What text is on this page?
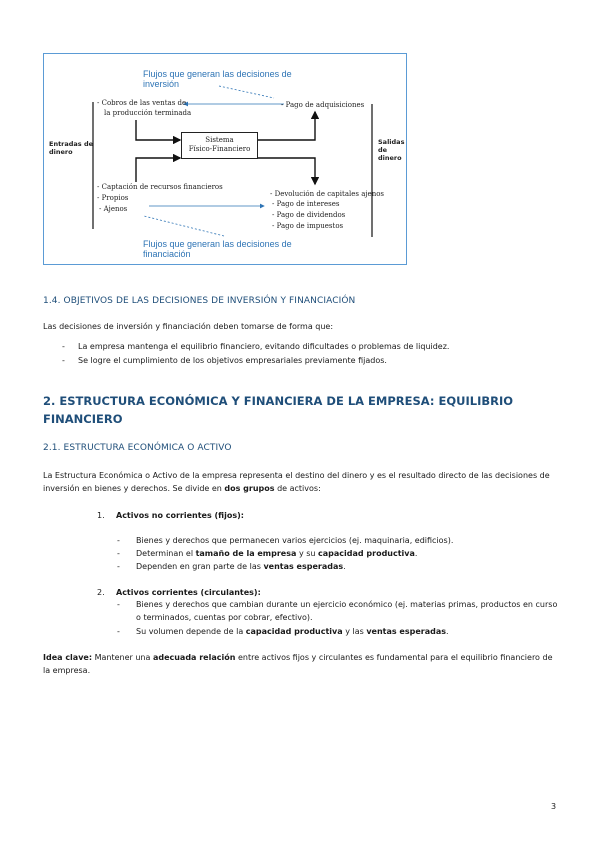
Flujos que generan las decisiones de inversión
Flujos que generan las decisiones de financiación
Entradas de dinero
Salidas de dinero
Sistema
Físico-Financiero
- Cobros de las ventas de
la producción terminada
- Pago de adquisiciones
- Captación de recursos financieros
- Propios
- Ajenos
- Devolución de capitales ajenos
- Pago de intereses
- Pago de dividendos
- Pago de impuestos
1.4. OBJETIVOS DE LAS DECISIONES DE INVERSIÓN Y FINANCIACIÓN
Las decisiones de inversión y financiación deben tomarse de forma que:
- La empresa mantenga el equilibrio financiero, evitando dificultades o problemas de liquidez.
- Se logre el cumplimiento de los objetivos empresariales previamente fijados.
2. ESTRUCTURA ECONÓMICA Y FINANCIERA DE LA EMPRESA: EQUILIBRIO FINANCIERO
2.1. ESTRUCTURA ECONÓMICA O ACTIVO
La Estructura Económica o Activo de la empresa representa el destino del dinero y es el resultado directo de las decisiones de inversión en bienes y derechos. Se divide en dos grupos de activos:
1. Activos no corrientes (fijos):
- Bienes y derechos que permanecen varios ejercicios (ej. maquinaria, edificios).
- Determinan el tamaño de la empresa y su capacidad productiva.
- Dependen en gran parte de las ventas esperadas.
2. Activos corrientes (circulantes):
- Bienes y derechos que cambian durante un ejercicio económico (ej. materias primas, productos en curso o terminados, cuentas por cobrar, efectivo).
- Su volumen depende de la capacidad productiva y las ventas esperadas.
Idea clave: Mantener una adecuada relación entre activos fijos y circulantes es fundamental para el equilibrio financiero de la empresa.
3
